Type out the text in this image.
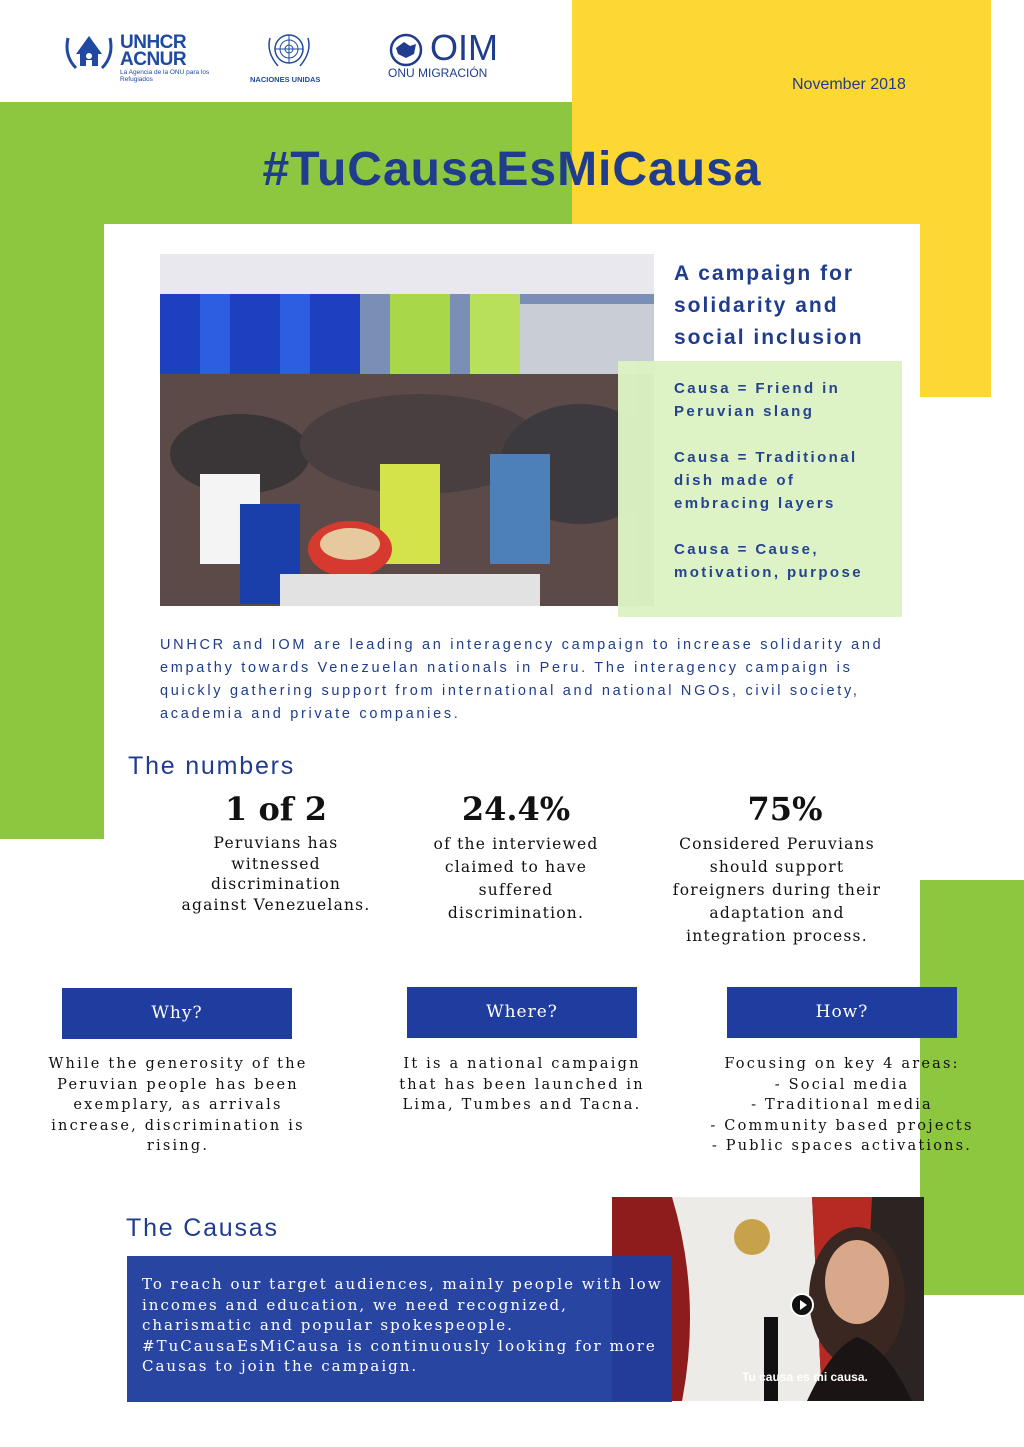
UNHCR
ACNUR
La Agencia de la ONU para los Refugiados	NACIONES UNIDAS
OIM
ONU MIGRACIÓN
November 2018
#TuCausaEsMiCausa
A campaign for solidarity and social inclusion
Causa = Friend in Peruvian slang
Causa = Traditional dish made of embracing layers
Causa = Cause, motivation, purpose
UNHCR and IOM are leading an interagency campaign to increase solidarity and empathy towards Venezuelan nationals in Peru. The interagency campaign is quickly gathering support from international and national NGOs, civil society, academia and private companies.
The numbers
1 of 2
Peruvians has witnessed discrimination against Venezuelans.
24.4%
of the interviewed claimed to have suffered discrimination.
75%
Considered Peruvians should support foreigners during their adaptation and integration process.
Why?
While the generosity of the Peruvian people has been exemplary, as arrivals increase, discrimination is rising.
Where?
It is a national campaign that has been launched in Lima, Tumbes and Tacna.
How?
Focusing on key 4 areas:
- Social media
- Traditional media
- Community based projects
- Public spaces activations.
The Causas
To reach our target audiences, mainly people with low incomes and education, we need recognized, charismatic and popular spokespeople. #TuCausaEsMiCausa is continuously looking for more Causas to join the campaign.
Tu causa es mi causa.
